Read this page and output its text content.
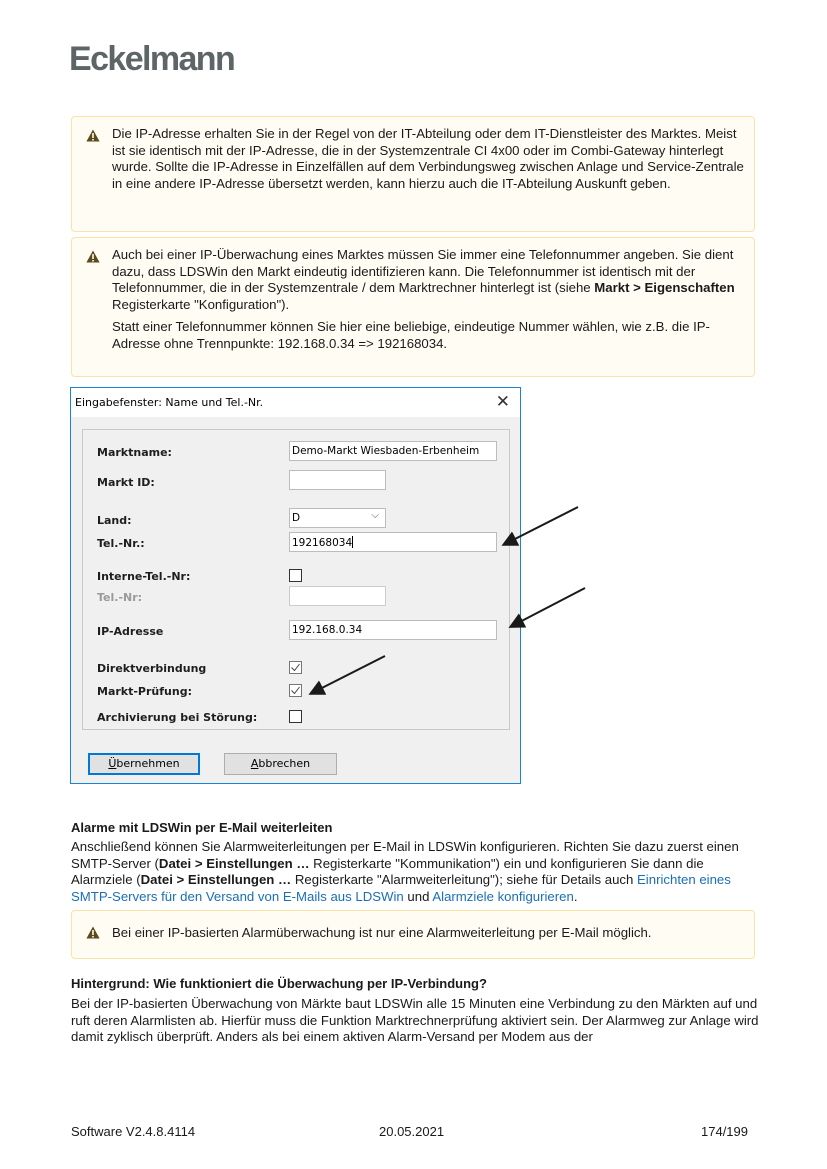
Eckelmann

Die IP-Adresse erhalten Sie in der Regel von der IT-Abteilung oder dem IT-Dienstleister des Marktes. Meist ist sie identisch mit der IP-Adresse, die in der Systemzentrale CI 4x00 oder im Combi-Gateway hinterlegt wurde. Sollte die IP-Adresse in Einzelfällen auf dem Verbindungsweg zwischen Anlage und Service-Zentrale in eine andere IP-Adresse übersetzt werden, kann hierzu auch die IT-Abteilung Auskunft geben.

Auch bei einer IP-Überwachung eines Marktes müssen Sie immer eine Telefonnummer angeben. Sie dient dazu, dass LDSWin den Markt eindeutig identifizieren kann. Die Telefonnummer ist identisch mit der Telefonnummer, die in der Systemzentrale / dem Marktrechner hinterlegt ist (siehe Markt > Eigenschaften Registerkarte "Konfiguration").

Statt einer Telefonnummer können Sie hier eine beliebige, eindeutige Nummer wählen, wie z.B. die IP-Adresse ohne Trennpunkte: 192.168.0.34 => 192168034.

Eingabefenster: Name und Tel.-Nr.	✕
Marktname:	Demo-Markt Wiesbaden-Erbenheim
Markt ID:
Land:	D	⌵
Tel.-Nr.:	192168034
Interne-Tel.-Nr:
Tel.-Nr:
IP-Adresse	192.168.0.34
Direktverbindung
Markt-Prüfung:
Archivierung bei Störung:
Übernehmen	Abbrechen
Alarme mit LDSWin per E-Mail weiterleiten

Anschließend können Sie Alarmweiterleitungen per E-Mail in LDSWin konfigurieren. Richten Sie dazu zuerst einen SMTP-Server (Datei > Einstellungen … Registerkarte "Kommunikation") ein und konfigurieren Sie dann die Alarmziele (Datei > Einstellungen … Registerkarte "Alarmweiterleitung"); siehe für Details auch Einrichten eines SMTP-Servers für den Versand von E-Mails aus LDSWin und Alarmziele konfigurieren.

Bei einer IP-basierten Alarmüberwachung ist nur eine Alarmweiterleitung per E-Mail möglich.

Hintergrund: Wie funktioniert die Überwachung per IP-Verbindung?

Bei der IP-basierten Überwachung von Märkte baut LDSWin alle 15 Minuten eine Verbindung zu den Märkten auf und ruft deren Alarmlisten ab. Hierfür muss die Funktion Marktrechnerprüfung aktiviert sein. Der Alarmweg zur Anlage wird damit zyklisch überprüft. Anders als bei einem aktiven Alarm-Versand per Modem aus der

Software V2.4.8.4114	20.05.2021	174/199
